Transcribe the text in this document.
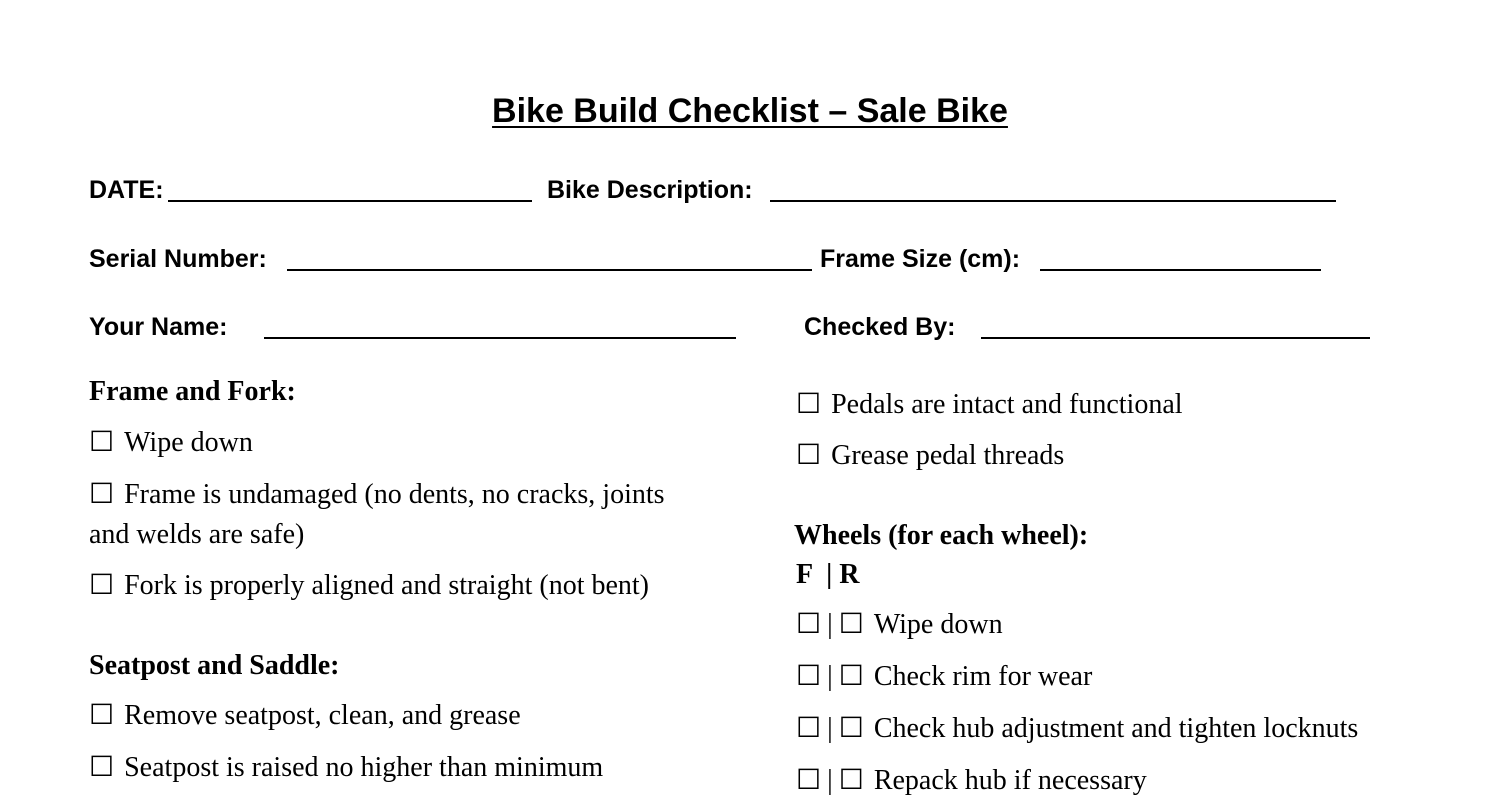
Bike Build Checklist – Sale Bike
DATE:	Bike Description:
Serial Number:	Frame Size (cm):
Your Name:	Checked By:
Frame and Fork:
☐ Wipe down
☐ Frame is undamaged (no dents, no cracks, joints
and welds are safe)
☐ Fork is properly aligned and straight (not bent)
Seatpost and Saddle:
☐ Remove seatpost, clean, and grease
☐ Seatpost is raised no higher than minimum
☐ Pedals are intact and functional
☐ Grease pedal threads
Wheels (for each wheel):
F  | R
☐ | ☐ Wipe down
☐ | ☐ Check rim for wear
☐ | ☐ Check hub adjustment and tighten locknuts
☐ | ☐ Repack hub if necessary
